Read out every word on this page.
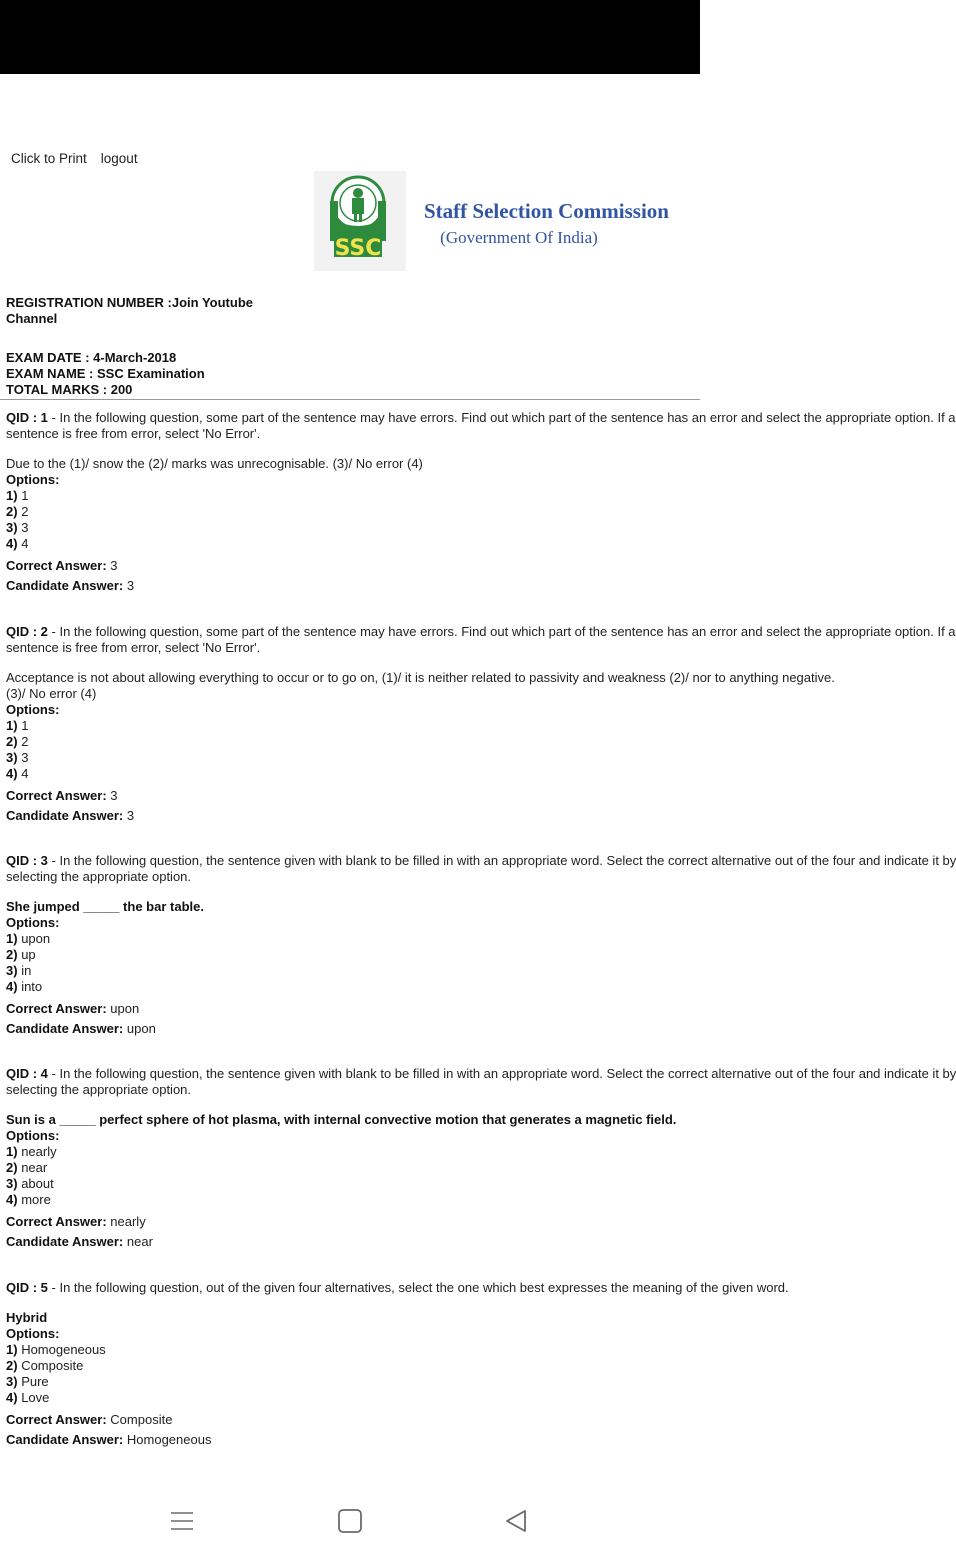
Click to Print logout
SSC
Staff Selection Commission
(Government Of India)
REGISTRATION NUMBER :Join Youtube
Channel
EXAM DATE : 4-March-2018
EXAM NAME : SSC Examination
TOTAL MARKS : 200
QID : 1 - In the following question, some part of the sentence may have errors. Find out which part of the sentence has an error and select the appropriate option. If a
sentence is free from error, select 'No Error'.
Due to the (1)/ snow the (2)/ marks was unrecognisable. (3)/ No error (4)
Options:
1) 1
2) 2
3) 3
4) 4
Correct Answer: 3
Candidate Answer: 3
QID : 2 - In the following question, some part of the sentence may have errors. Find out which part of the sentence has an error and select the appropriate option. If a
sentence is free from error, select 'No Error'.
Acceptance is not about allowing everything to occur or to go on, (1)/ it is neither related to passivity and weakness (2)/ nor to anything negative.
(3)/ No error (4)
Options:
1) 1
2) 2
3) 3
4) 4
Correct Answer: 3
Candidate Answer: 3
QID : 3 - In the following question, the sentence given with blank to be filled in with an appropriate word. Select the correct alternative out of the four and indicate it by
selecting the appropriate option.
She jumped _____ the bar table.
Options:
1) upon
2) up
3) in
4) into
Correct Answer: upon
Candidate Answer: upon
QID : 4 - In the following question, the sentence given with blank to be filled in with an appropriate word. Select the correct alternative out of the four and indicate it by
selecting the appropriate option.
Sun is a _____ perfect sphere of hot plasma, with internal convective motion that generates a magnetic field.
Options:
1) nearly
2) near
3) about
4) more
Correct Answer: nearly
Candidate Answer: near
QID : 5 - In the following question, out of the given four alternatives, select the one which best expresses the meaning of the given word.
Hybrid
Options:
1) Homogeneous
2) Composite
3) Pure
4) Love
Correct Answer: Composite
Candidate Answer: Homogeneous
